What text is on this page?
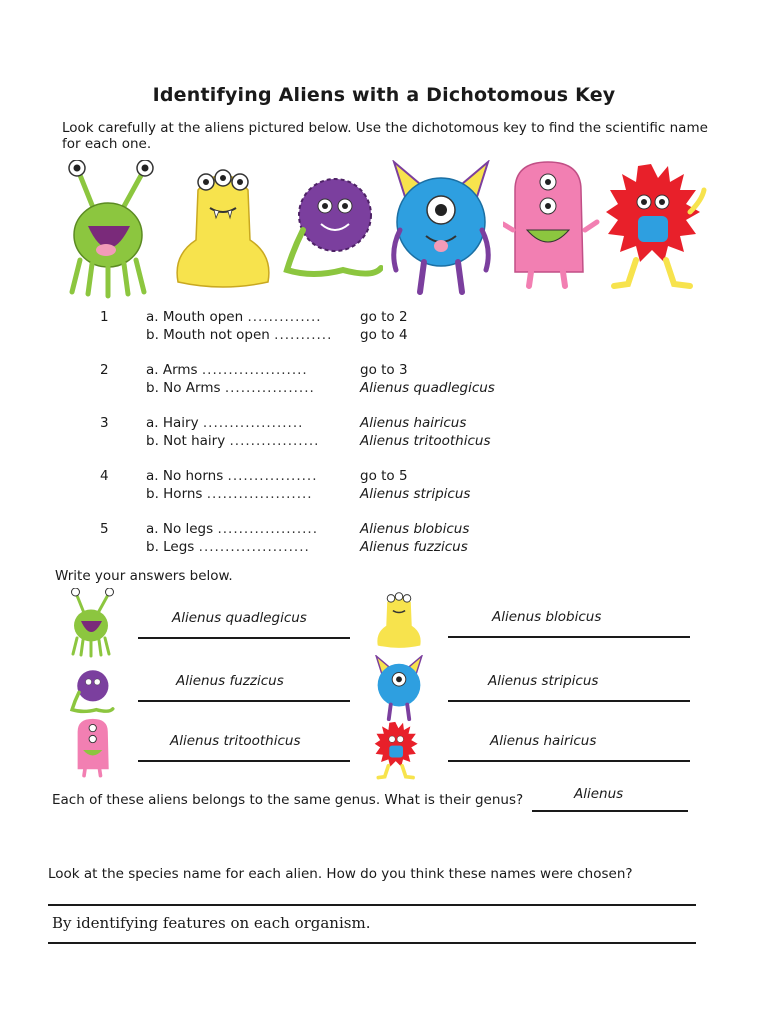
Identifying Aliens with a Dichotomous Key
Look carefully at the aliens pictured below. Use the dichotomous key to find the scientific name for each one.
1	a. Mouth open ..............	go to 2
b. Mouth not open ........... go to 4
2	a. Arms ....................	go to 3
b. No Arms .................	Alienus quadlegicus
3	a. Hairy ...................	Alienus hairicus
b. Not hairy .................	Alienus tritoothicus
4	a. No horns .................	go to 5
b. Horns ....................	Alienus stripicus
5	a. No legs ...................	Alienus blobicus
b. Legs .....................	Alienus fuzzicus
Write your answers below.
Alienus quadlegicus	Alienus blobicus
Alienus fuzzicus	Alienus stripicus
Alienus tritoothicus	Alienus hairicus
Each of these aliens belongs to the same genus. What is their genus?	Alienus
Look at the species name for each alien. How do you think these names were chosen?
By identifying features on each organism.
